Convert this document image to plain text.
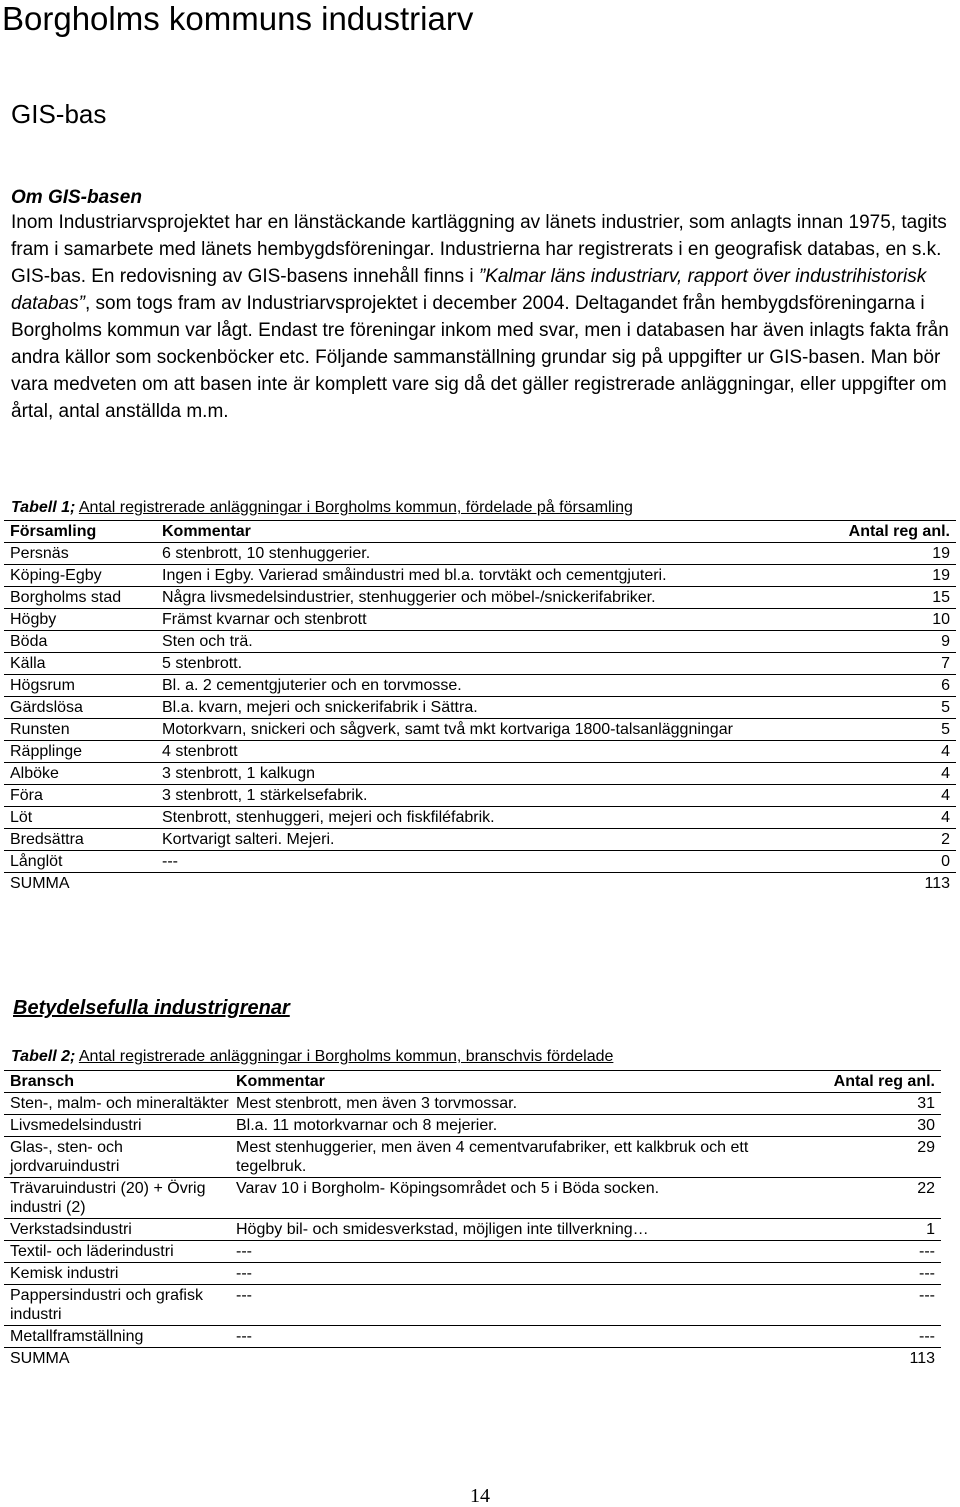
Borgholms kommuns industriarv
GIS-bas
Om GIS-basen

Inom Industriarvsprojektet har en länstäckande kartläggning av länets industrier, som anlagts innan 1975, tagits fram i samarbete med länets hembygdsföreningar. Industrierna har registrerats i en geografisk databas, en s.k. GIS-bas. En redovisning av GIS-basens innehåll finns i ”Kalmar läns industriarv, rapport över industrihistorisk databas”, som togs fram av Industriarvsprojektet i december 2004. Deltagandet från hembygdsföreningarna i Borgholms kommun var lågt. Endast tre föreningar inkom med svar, men i databasen har även inlagts fakta från andra källor som sockenböcker etc. Följande sammanställning grundar sig på uppgifter ur GIS-basen. Man bör vara medveten om att basen inte är komplett vare sig då det gäller registrerade anläggningar, eller uppgifter om årtal, antal anställda m.m.

Tabell 1; Antal registrerade anläggningar i Borgholms kommun, fördelade på församling
Församling	Kommentar	Antal reg anl.
Persnäs	6 stenbrott, 10 stenhuggerier.	19
Köping-Egby	Ingen i Egby. Varierad småindustri med bl.a. torvtäkt och cementgjuteri.	19
Borgholms stad	Några livsmedelsindustrier, stenhuggerier och möbel-/snickerifabriker.	15
Högby	Främst kvarnar och stenbrott	10
Böda	Sten och trä.	9
Källa	5 stenbrott.	7
Högsrum	Bl. a. 2 cementgjuterier och en torvmosse.	6
Gärdslösa	Bl.a. kvarn, mejeri och snickerifabrik i Sättra.	5
Runsten	Motorkvarn, snickeri och sågverk, samt två mkt kortvariga 1800-talsanläggningar	5
Räpplinge	4 stenbrott	4
Alböke	3 stenbrott, 1 kalkugn	4
Föra	3 stenbrott, 1 stärkelsefabrik.	4
Löt	Stenbrott, stenhuggeri, mejeri och fiskfiléfabrik.	4
Bredsättra	Kortvarigt salteri. Mejeri.	2
Långlöt	---	0
SUMMA		113
Betydelsefulla industrigrenar
Tabell 2; Antal registrerade anläggningar i Borgholms kommun, branschvis fördelade
Bransch	Kommentar	Antal reg anl.
Sten-, malm- och mineraltäkter	Mest stenbrott, men även 3 torvmossar.	31
Livsmedelsindustri	Bl.a. 11 motorkvarnar och 8 mejerier.	30
Glas-, sten- och jordvaruindustri	Mest stenhuggerier, men även 4 cementvarufabriker, ett kalkbruk och ett tegelbruk.	29
Trävaruindustri (20) + Övrig industri (2)	Varav 10 i Borgholm- Köpingsområdet och 5 i Böda socken.	22
Verkstadsindustri	Högby bil- och smidesverkstad, möjligen inte tillverkning…	1
Textil- och läderindustri	---	---
Kemisk industri	---	---
Pappersindustri och grafisk industri	---	---
Metallframställning	---	---
SUMMA		113
14
